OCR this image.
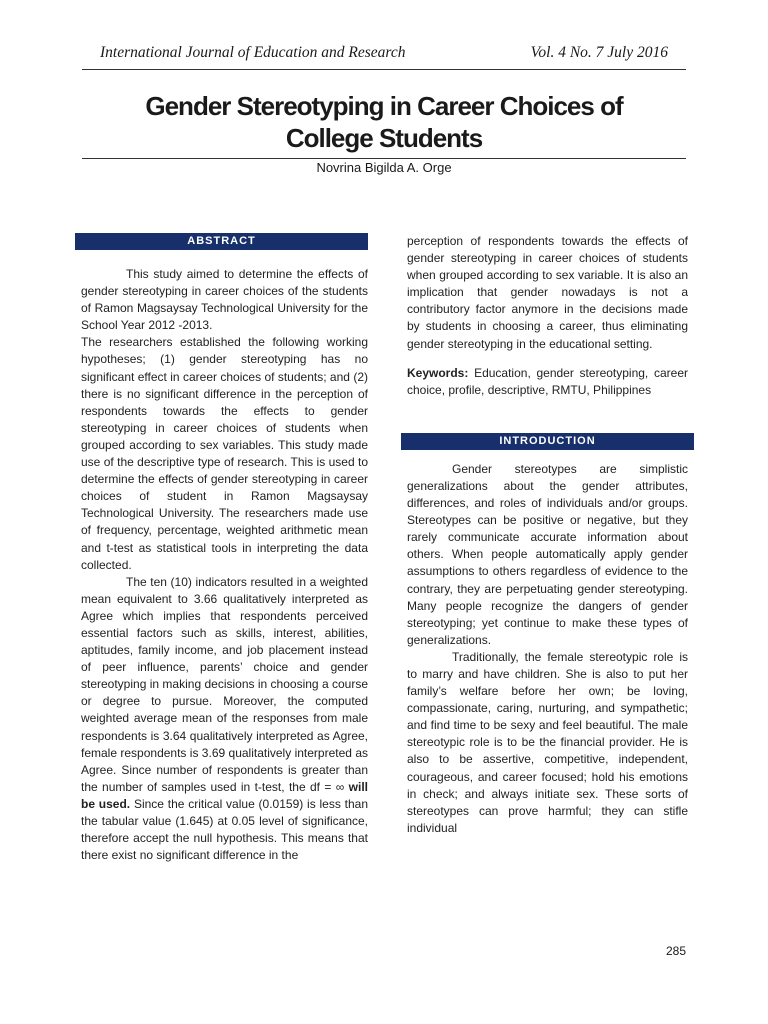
International Journal of Education and Research	Vol. 4 No. 7 July 2016
Gender Stereotyping in Career Choices of
College Students
Novrina Bigilda A. Orge
ABSTRACT

This study aimed to determine the effects of gender stereotyping in career choices of the students of Ramon Magsaysay Technological University for the School Year 2012 -2013.

The researchers established the following working hypotheses; (1) gender stereotyping has no significant effect in career choices of students; and (2) there is no significant difference in the perception of respondents towards the effects to gender stereotyping in career choices of students when grouped according to sex variables. This study made use of the descriptive type of research. This is used to determine the effects of gender stereotyping in career choices of student in Ramon Magsaysay Technological University. The researchers made use of frequency, percentage, weighted arithmetic mean and t-test as statistical tools in interpreting the data collected.

The ten (10) indicators resulted in a weighted mean equivalent to 3.66 qualitatively interpreted as Agree which implies that respondents perceived essential factors such as skills, interest, abilities, aptitudes, family income, and job placement instead of peer influence, parents’ choice and gender stereotyping in making decisions in choosing a course or degree to pursue. Moreover, the computed weighted average mean of the responses from male respondents is 3.64 qualitatively interpreted as Agree, female respondents is 3.69 qualitatively interpreted as Agree. Since number of respondents is greater than the number of samples used in t-test, the df = ∞ will be used. Since the critical value (0.0159) is less than the tabular value (1.645) at 0.05 level of significance, therefore accept the null hypothesis. This means that there exist no significant difference in the

perception of respondents towards the effects of gender stereotyping in career choices of students when grouped according to sex variable. It is also an implication that gender nowadays is not a contributory factor anymore in the decisions made by students in choosing a career, thus eliminating gender stereotyping in the educational setting.

Keywords: Education, gender stereotyping, career choice, profile, descriptive, RMTU, Philippines

INTRODUCTION

Gender stereotypes are simplistic generalizations about the gender attributes, differences, and roles of individuals and/or groups. Stereotypes can be positive or negative, but they rarely communicate accurate information about others. When people automatically apply gender assumptions to others regardless of evidence to the contrary, they are perpetuating gender stereotyping. Many people recognize the dangers of gender stereotyping; yet continue to make these types of generalizations.

Traditionally, the female stereotypic role is to marry and have children. She is also to put her family’s welfare before her own; be loving, compassionate, caring, nurturing, and sympathetic; and find time to be sexy and feel beautiful. The male stereotypic role is to be the financial provider. He is also to be assertive, competitive, independent, courageous, and career focused; hold his emotions in check; and always initiate sex. These sorts of stereotypes can prove harmful; they can stifle individual

285
